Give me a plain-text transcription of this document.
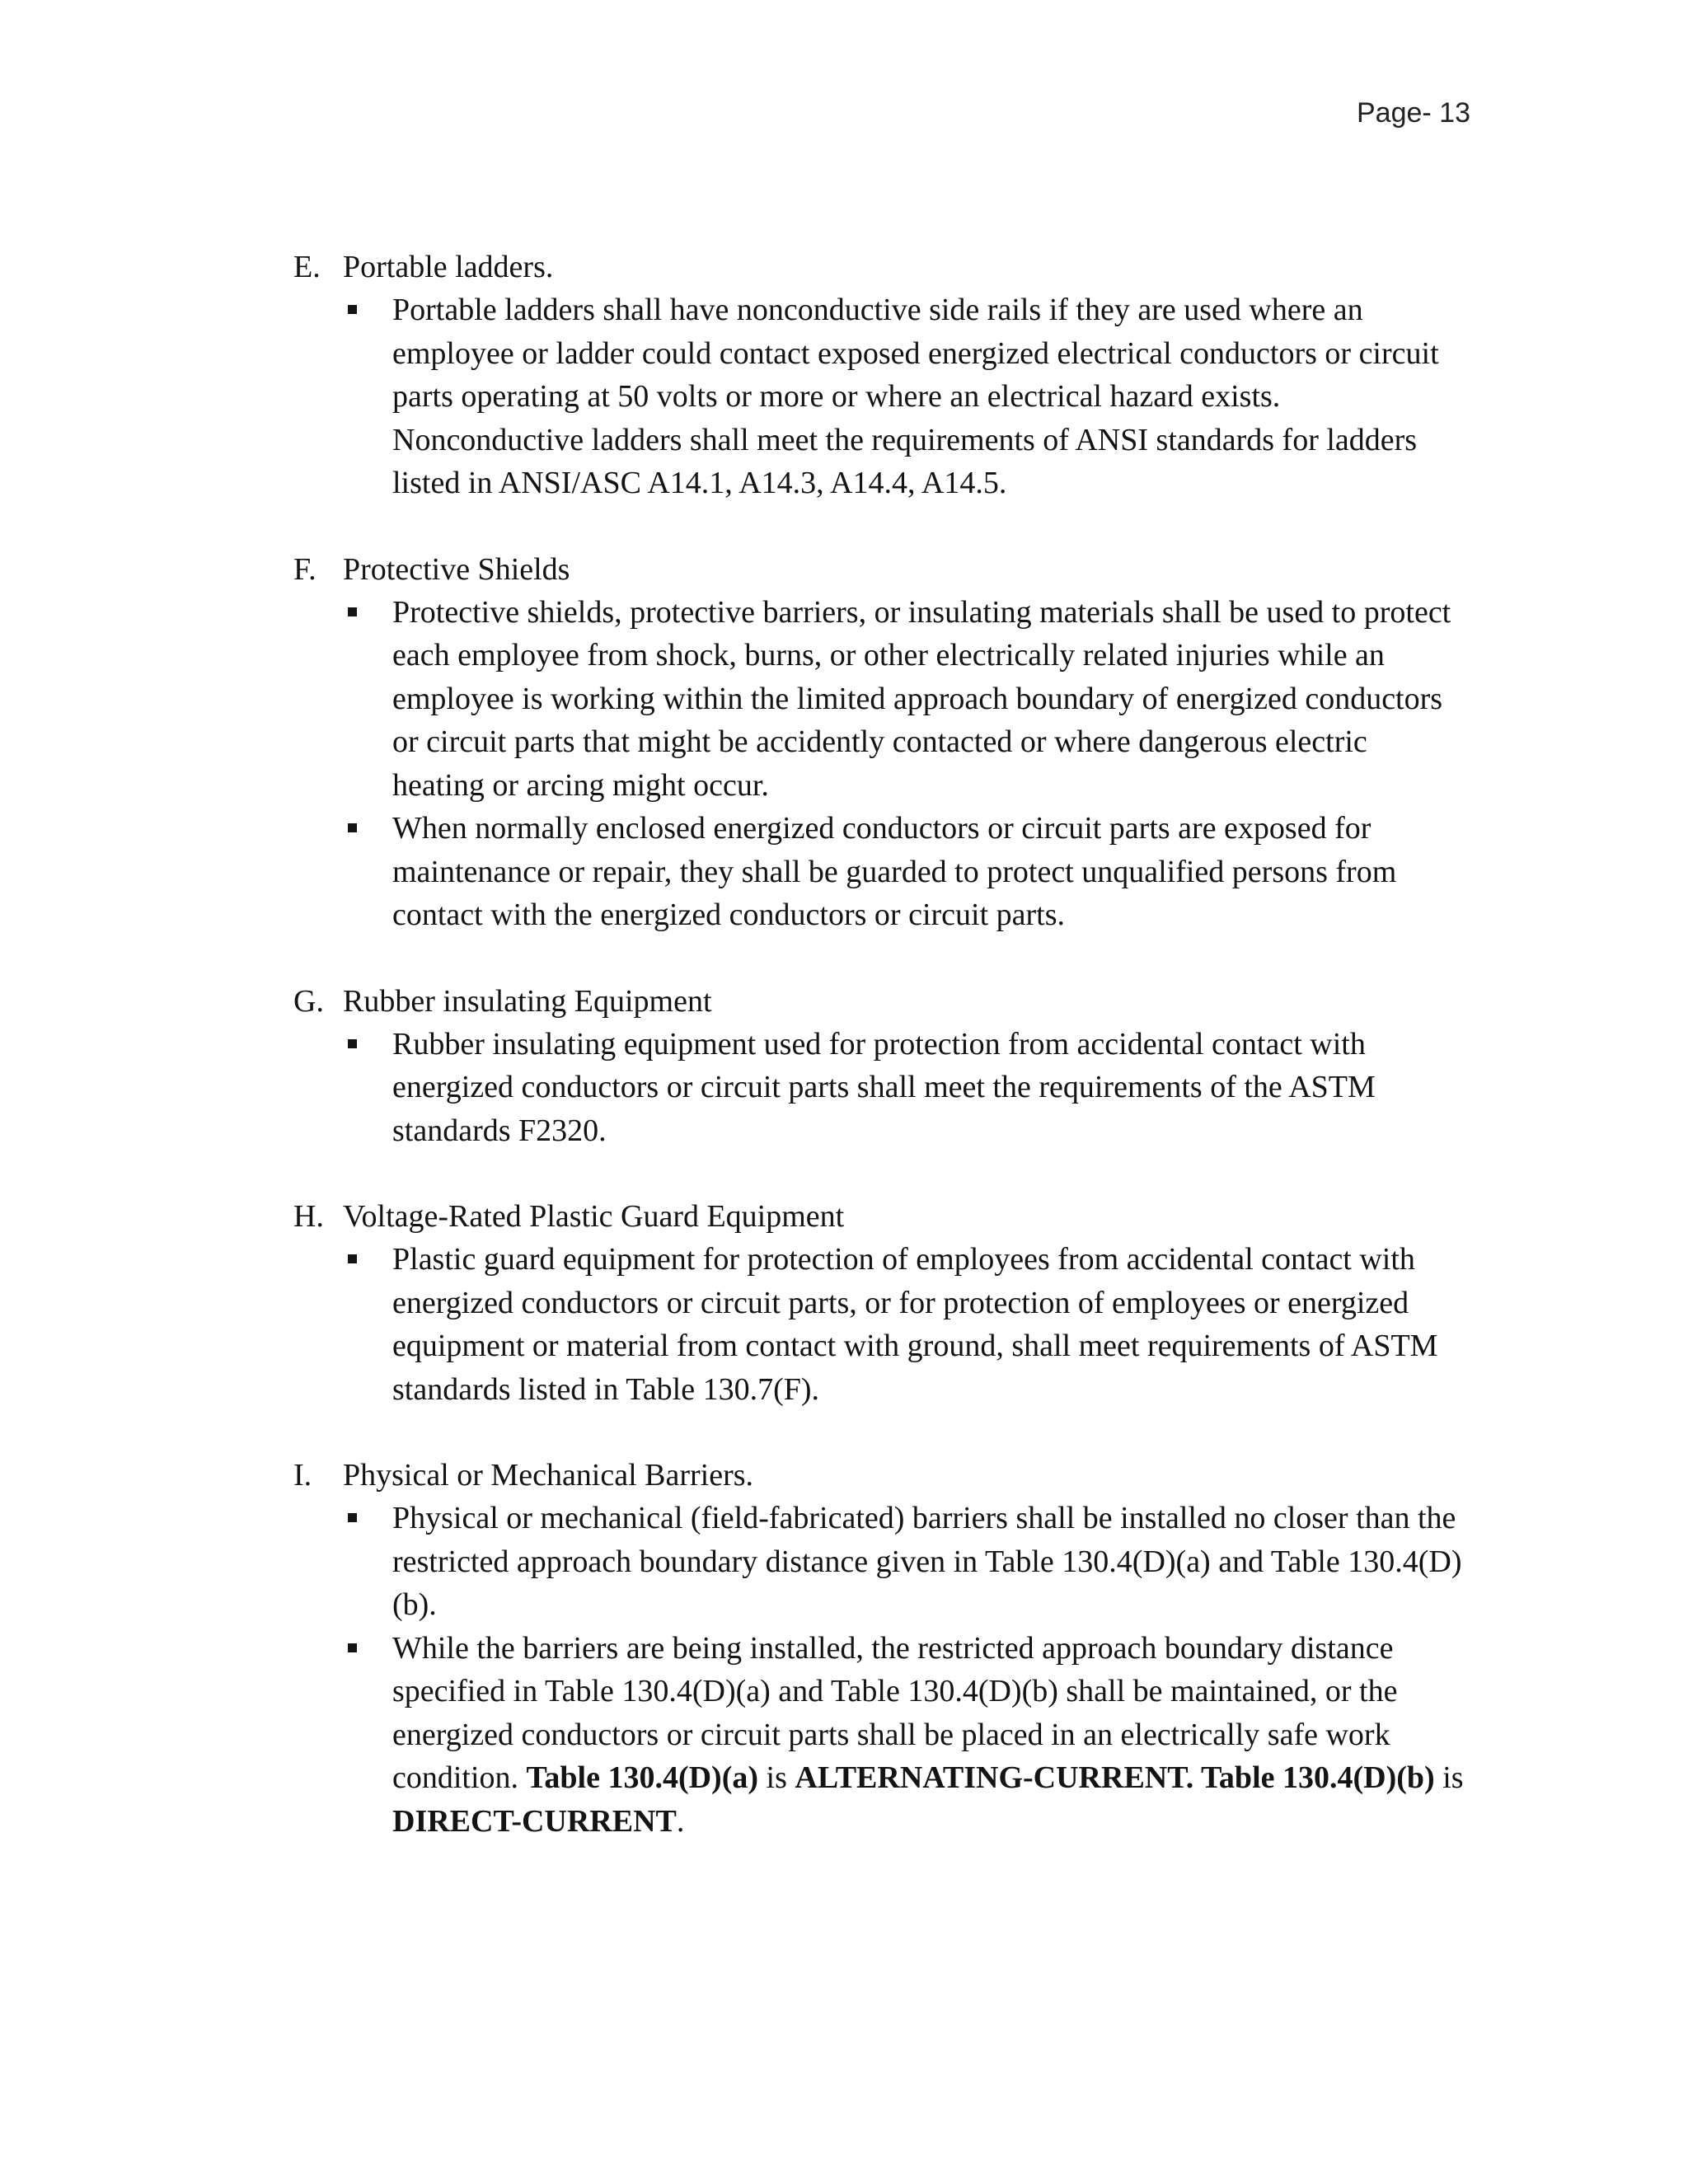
Page- 13
E. Portable ladders.
Portable ladders shall have nonconductive side rails if they are used where an employee or ladder could contact exposed energized electrical conductors or circuit parts operating at 50 volts or more or where an electrical hazard exists. Nonconductive ladders shall meet the requirements of ANSI standards for ladders listed in ANSI/ASC A14.1, A14.3, A14.4, A14.5.
F. Protective Shields
Protective shields, protective barriers, or insulating materials shall be used to protect each employee from shock, burns, or other electrically related injuries while an employee is working within the limited approach boundary of energized conductors or circuit parts that might be accidently contacted or where dangerous electric heating or arcing might occur.
When normally enclosed energized conductors or circuit parts are exposed for maintenance or repair, they shall be guarded to protect unqualified persons from contact with the energized conductors or circuit parts.
G. Rubber insulating Equipment
Rubber insulating equipment used for protection from accidental contact with energized conductors or circuit parts shall meet the requirements of the ASTM standards F2320.
H. Voltage-Rated Plastic Guard Equipment
Plastic guard equipment for protection of employees from accidental contact with energized conductors or circuit parts, or for protection of employees or energized equipment or material from contact with ground, shall meet requirements of ASTM standards listed in Table 130.7(F).
I. Physical or Mechanical Barriers.
Physical or mechanical (field-fabricated) barriers shall be installed no closer than the restricted approach boundary distance given in Table 130.4(D)(a) and Table 130.4(D)(b).
While the barriers are being installed, the restricted approach boundary distance specified in Table 130.4(D)(a) and Table 130.4(D)(b) shall be maintained, or the energized conductors or circuit parts shall be placed in an electrically safe work condition. Table 130.4(D)(a) is ALTERNATING-CURRENT. Table 130.4(D)(b) is DIRECT-CURRENT.
